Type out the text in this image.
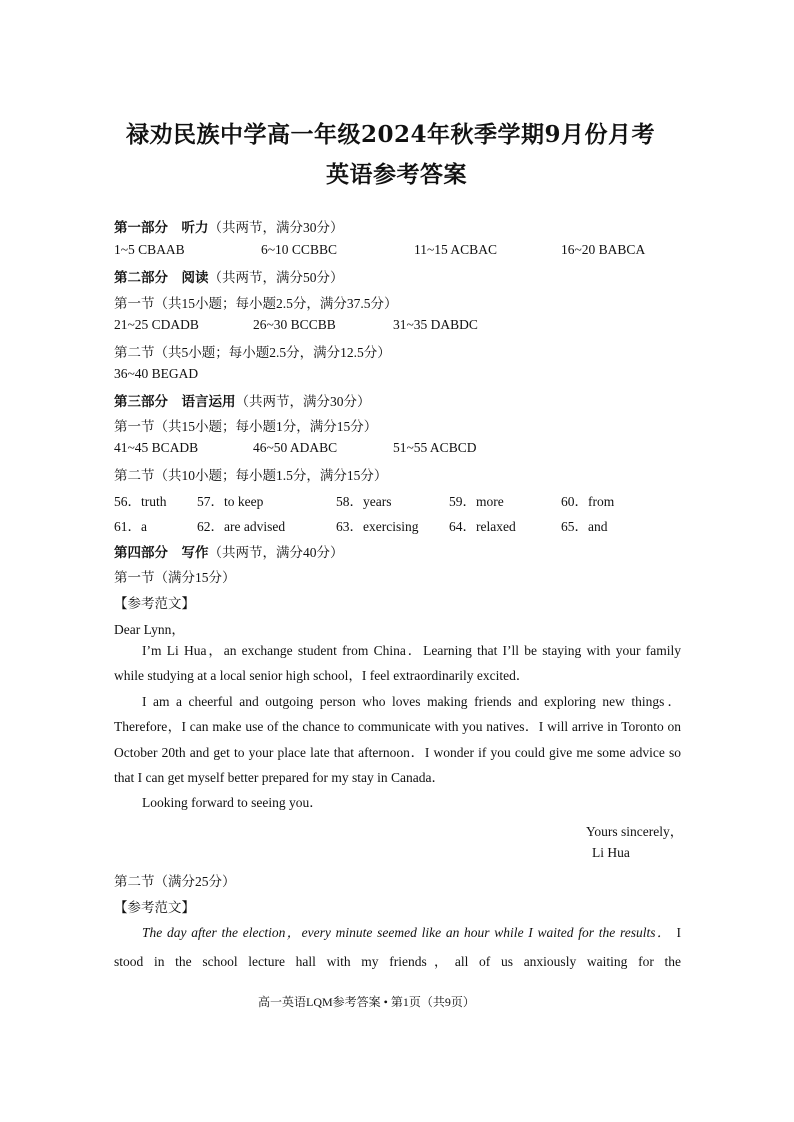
禄劝民族中学高一年级2024年秋季学期9月份月考
英语参考答案
第一部分 听力（共两节，满分30分）
1~5 CBAAB	6~10 CCBBC	11~15 ACBAC	16~20 BABCA
第二部分 阅读（共两节，满分50分）
第一节（共15小题；每小题2.5分，满分37.5分）
21~25 CDADB	26~30 BCCBB	31~35 DABDC
第二节（共5小题；每小题2.5分，满分12.5分）
36~40 BEGAD
第三部分 语言运用（共两节，满分30分）
第一节（共15小题；每小题1分，满分15分）
41~45 BCADB	46~50 ADABC	51~55 ACBCD
第二节（共10小题；每小题1.5分，满分15分）
56．truth 57．to keep	58．years	59．more	60．from
61．a	62．are advised	63．exercising 64．relaxed	65．and
第四部分 写作（共两节，满分40分）
第一节（满分15分）
【参考范文】
Dear Lynn，
I’m Li Hua，an exchange student from China．Learning that I’ll be staying with your family while studying at a local senior high school，I feel extraordinarily excited．
I am a cheerful and outgoing person who loves making friends and exploring new things．Therefore，I can make use of the chance to communicate with you natives．I will arrive in Toronto on October 20th and get to your place late that afternoon．I wonder if you could give me some advice so that I can get myself better prepared for my stay in Canada．
Looking forward to seeing you．
Yours sincerely，
Li Hua
第二节（满分25分）
【参考范文】
The day after the election，every minute seemed like an hour while I waited for the results． I stood in the school lecture hall with my friends，all of us anxiously waiting for the
高一英语LQM参考答案 • 第1页（共9页）
